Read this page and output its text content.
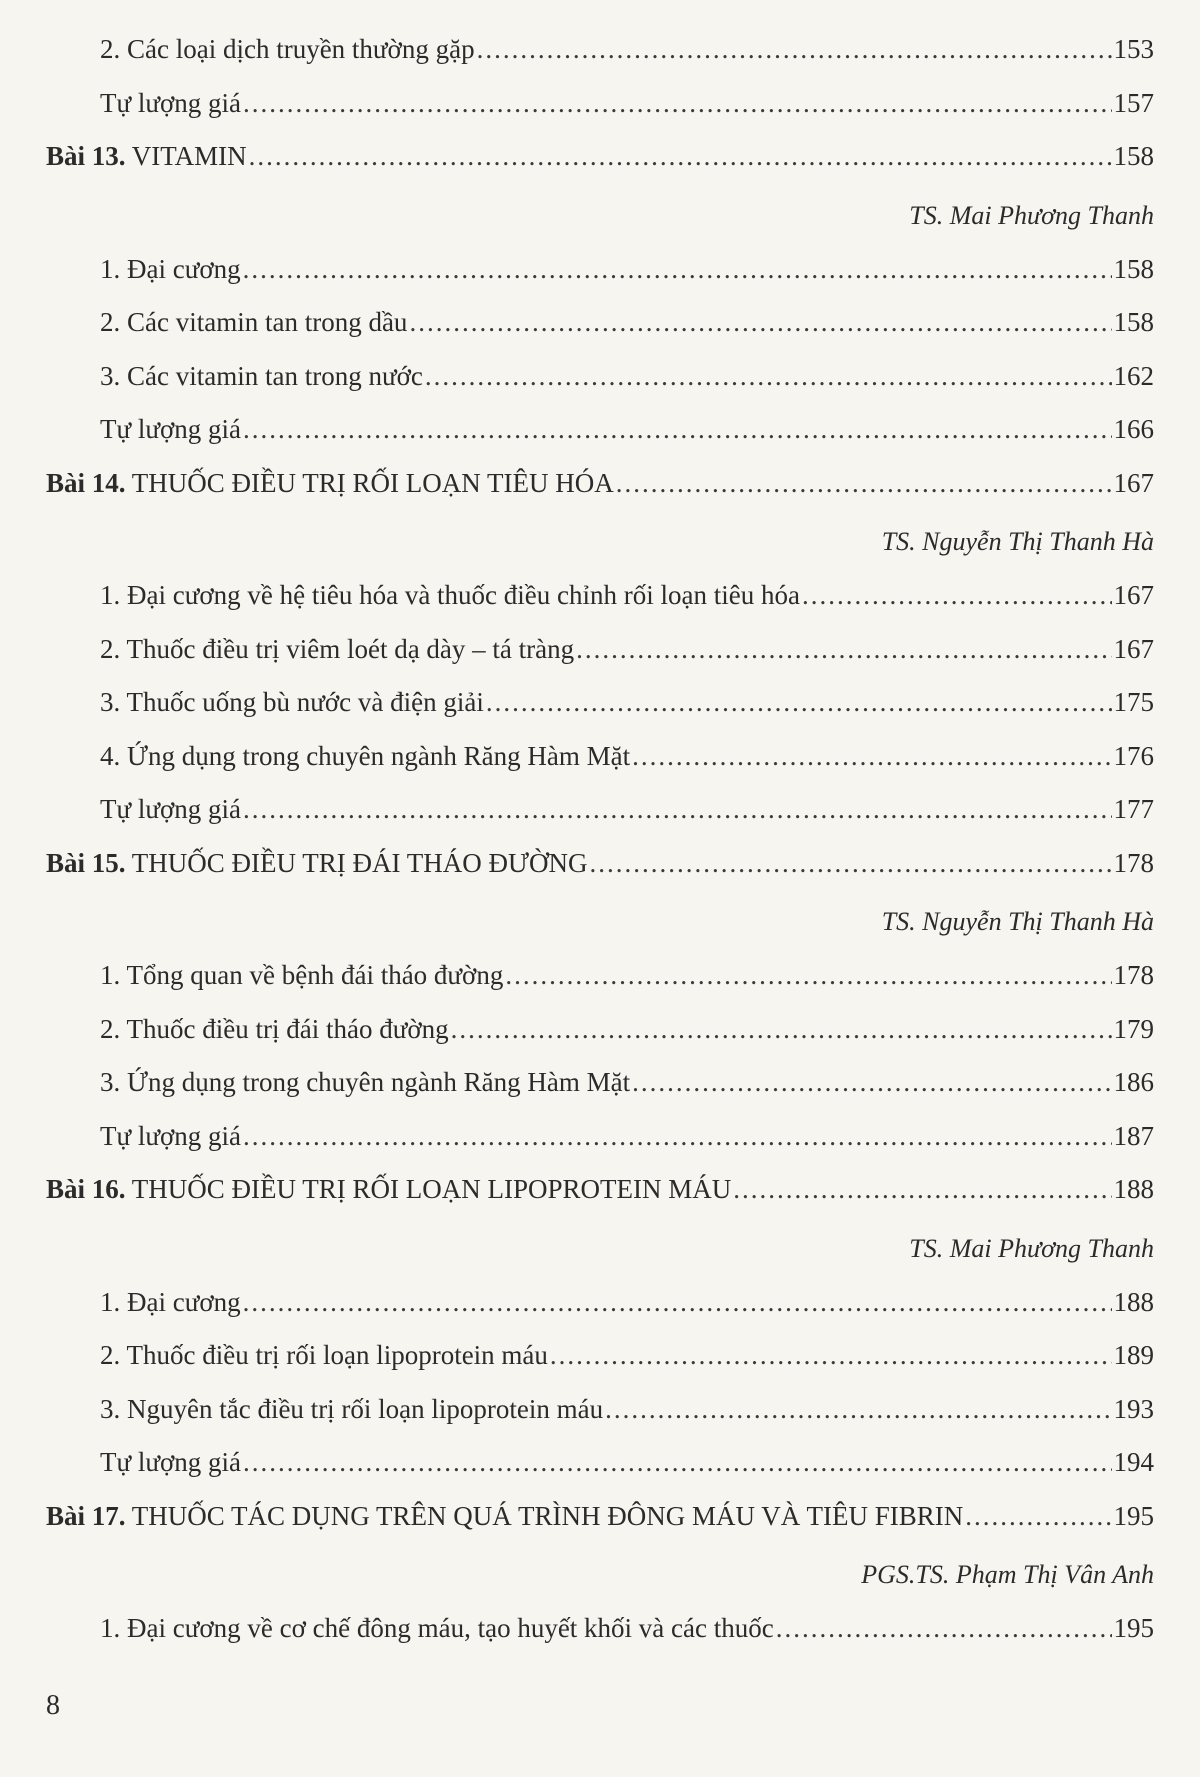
2. Các loại dịch truyền thường gặp .....	153
Tự lượng giá .....	157
Bài 13. VITAMIN .....	158
TS. Mai Phương Thanh
1. Đại cương .....	158
2. Các vitamin tan trong dầu .....	158
3. Các vitamin tan trong nước .....	162
Tự lượng giá .....	166
Bài 14. THUỐC ĐIỀU TRỊ RỐI LOẠN TIÊU HÓA .....	167
TS. Nguyễn Thị Thanh Hà
1. Đại cương về hệ tiêu hóa và thuốc điều chỉnh rối loạn tiêu hóa .....	167
2. Thuốc điều trị viêm loét dạ dày – tá tràng .....	167
3. Thuốc uống bù nước và điện giải .....	175
4. Ứng dụng trong chuyên ngành Răng Hàm Mặt .....	176
Tự lượng giá .....	177
Bài 15. THUỐC ĐIỀU TRỊ ĐÁI THÁO ĐƯỜNG .....	178
TS. Nguyễn Thị Thanh Hà
1. Tổng quan về bệnh đái tháo đường .....	178
2. Thuốc điều trị đái tháo đường .....	179
3. Ứng dụng trong chuyên ngành Răng Hàm Mặt .....	186
Tự lượng giá .....	187
Bài 16. THUỐC ĐIỀU TRỊ RỐI LOẠN LIPOPROTEIN MÁU .....	188
TS. Mai Phương Thanh
1. Đại cương .....	188
2. Thuốc điều trị rối loạn lipoprotein máu .....	189
3. Nguyên tắc điều trị rối loạn lipoprotein máu .....	193
Tự lượng giá .....	194
Bài 17. THUỐC TÁC DỤNG TRÊN QUÁ TRÌNH ĐÔNG MÁU VÀ TIÊU FIBRIN .....	195
PGS.TS. Phạm Thị Vân Anh
1. Đại cương về cơ chế đông máu, tạo huyết khối và các thuốc .....	195
8
